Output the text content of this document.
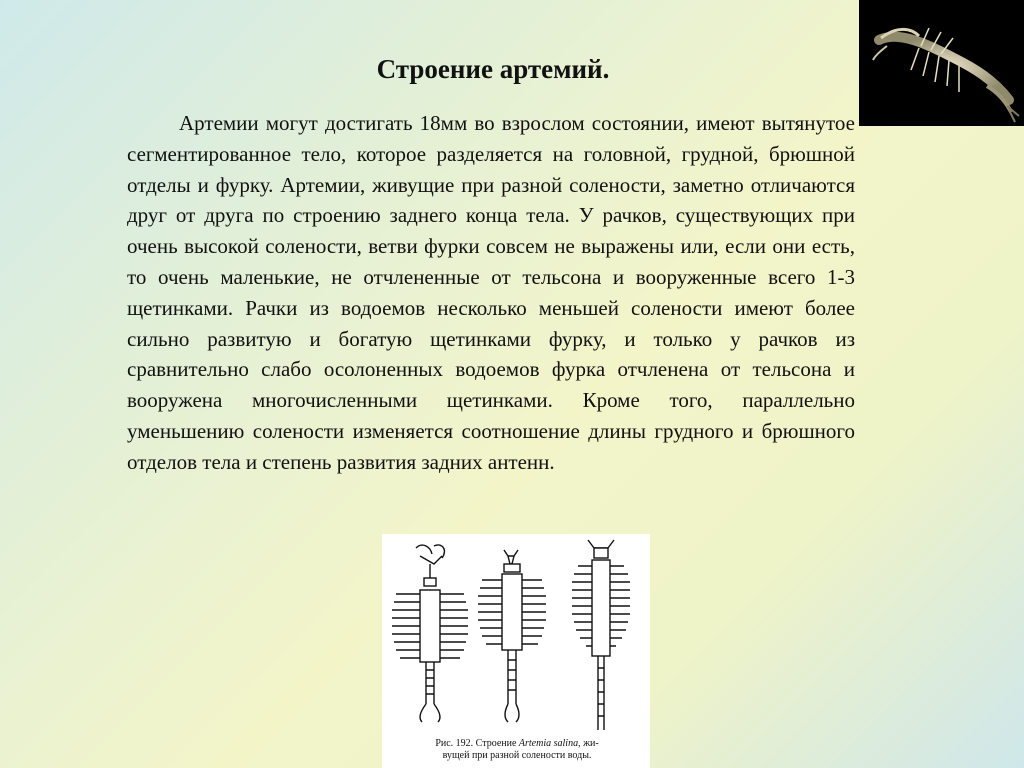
Строение артемий.

Артемии могут достигать 18мм во взрослом состоянии, имеют вытянутое сегментированное тело, которое разделяется на головной, грудной, брюшной отделы и фурку. Артемии, живущие при разной солености, заметно отличаются друг от друга по строению заднего конца тела. У рачков, существующих при очень высокой солености, ветви фурки совсем не выражены или, если они есть, то очень маленькие, не отчлененные от тельсона и вооруженные всего 1-3 щетинками. Рачки из водоемов несколько меньшей солености имеют более сильно развитую и богатую щетинками фурку, и только у рачков из сравнительно слабо осолоненных водоемов фурка отчленена от тельсона и вооружена многочисленными щетинками. Кроме того, параллельно уменьшению солености изменяется соотношение длины грудного и брюшного отделов тела и степень развития задних антенн.

Рис. 192. Строение Artemia salina, жи-
вущей при разной солености воды.
